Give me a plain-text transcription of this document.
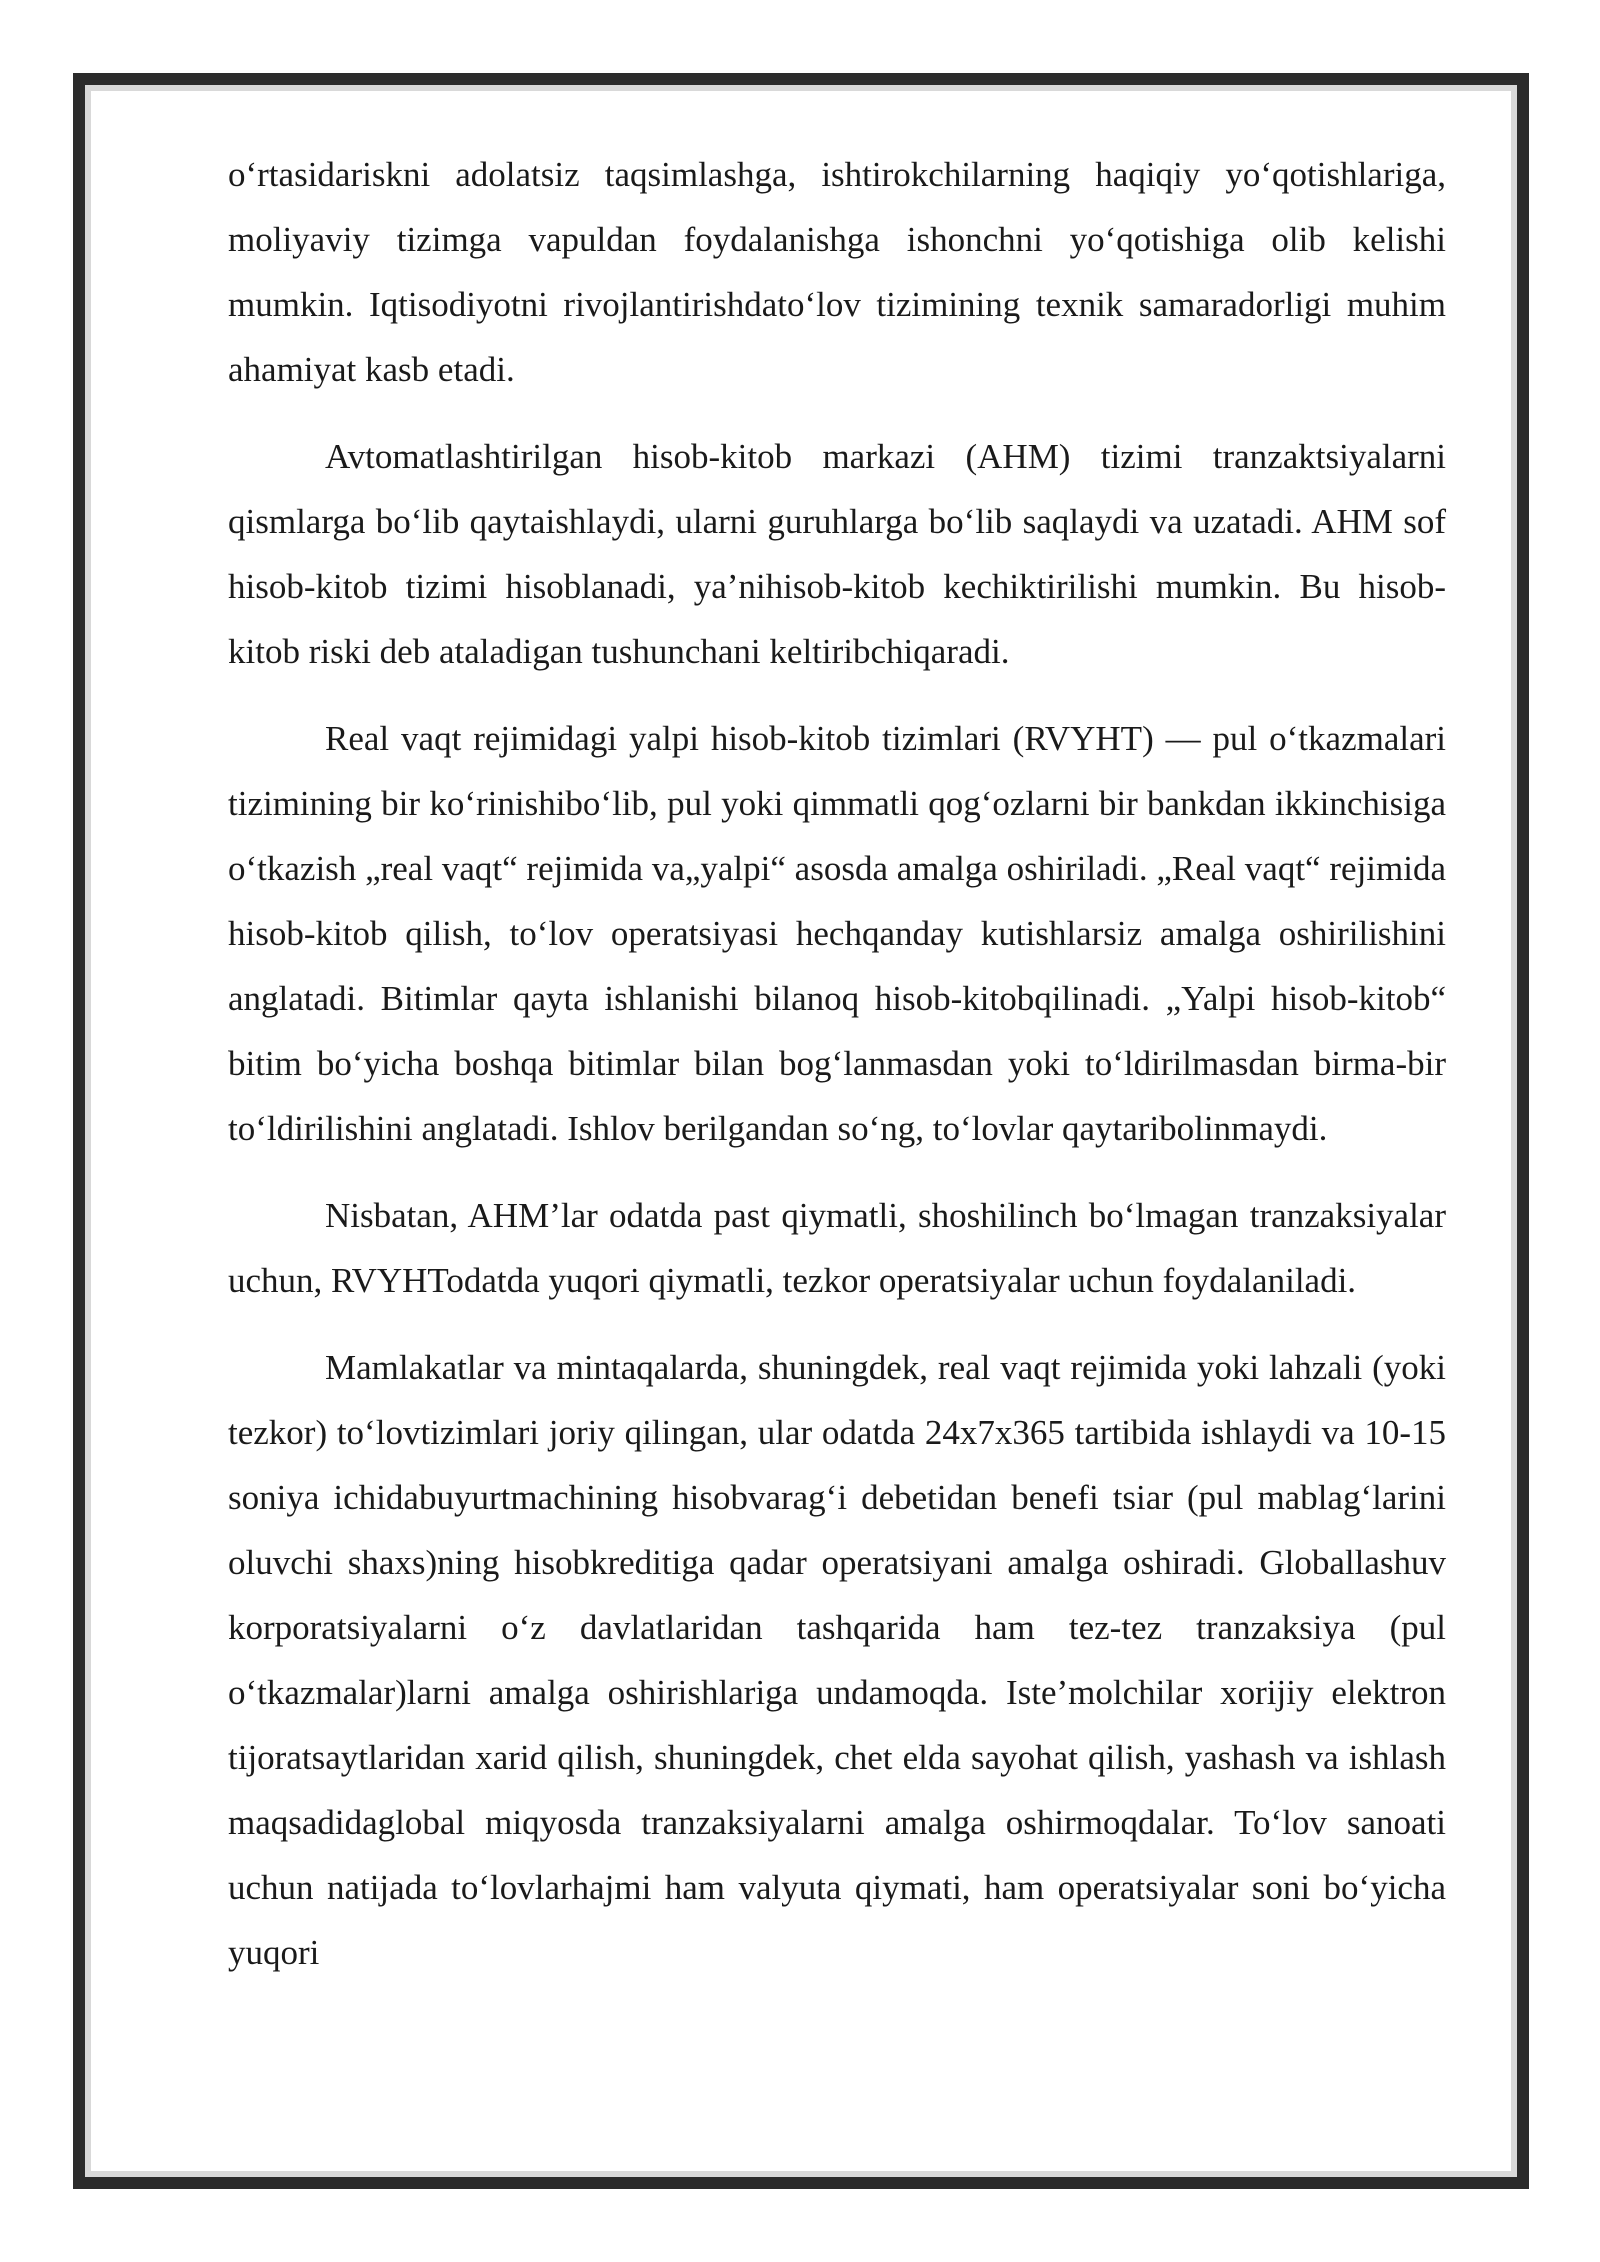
o‘rtasidariskni adolatsiz taqsimlashga, ishtirokchilarning haqiqiy yo‘qotishlariga, moliyaviy tizimga vapuldan foydalanishga ishonchni yo‘qotishiga olib kelishi mumkin. Iqtisodiyotni rivojlantirishdato‘lov tizimining texnik samaradorligi muhim ahamiyat kasb etadi.

Avtomatlashtirilgan hisob-kitob markazi (AHM) tizimi tranzaktsiyalarni qismlarga bo‘lib qaytaishlaydi, ularni guruhlarga bo‘lib saqlaydi va uzatadi. AHM sof hisob-kitob tizimi hisoblanadi, ya’nihisob-kitob kechiktirilishi mumkin. Bu hisob-kitob riski deb ataladigan tushunchani keltiribchiqaradi.

Real vaqt rejimidagi yalpi hisob-kitob tizimlari (RVYHT) — pul o‘tkazmalari tizimining bir ko‘rinishibo‘lib, pul yoki qimmatli qog‘ozlarni bir bankdan ikkinchisiga o‘tkazish „real vaqt“ rejimida va„yalpi“ asosda amalga oshiriladi. „Real vaqt“ rejimida hisob-kitob qilish, to‘lov operatsiyasi hechqanday kutishlarsiz amalga oshirilishini anglatadi. Bitimlar qayta ishlanishi bilanoq hisob-kitobqilinadi. „Yalpi hisob-kitob“ bitim bo‘yicha boshqa bitimlar bilan bog‘lanmasdan yoki to‘ldirilmasdan birma-bir to‘ldirilishini anglatadi. Ishlov berilgandan so‘ng, to‘lovlar qaytaribolinmaydi.

Nisbatan, AHM’lar odatda past qiymatli, shoshilinch bo‘lmagan tranzaksiyalar uchun, RVYHTodatda yuqori qiymatli, tezkor operatsiyalar uchun foydalaniladi.

Mamlakatlar va mintaqalarda, shuningdek, real vaqt rejimida yoki lahzali (yoki tezkor) to‘lovtizimlari joriy qilingan, ular odatda 24x7x365 tartibida ishlaydi va 10-15 soniya ichidabuyurtmachining hisobvarag‘i debetidan benefi tsiar (pul mablag‘larini oluvchi shaxs)ning hisobkreditiga qadar operatsiyani amalga oshiradi. Globallashuv korporatsiyalarni o‘z davlatlaridan tashqarida ham tez-tez tranzaksiya (pul o‘tkazmalar)larni amalga oshirishlariga undamoqda. Iste’molchilar xorijiy elektron tijoratsaytlaridan xarid qilish, shuningdek, chet elda sayohat qilish, yashash va ishlash maqsadidaglobal miqyosda tranzaksiyalarni amalga oshirmoqdalar. To‘lov sanoati uchun natijada to‘lovlarhajmi ham valyuta qiymati, ham operatsiyalar soni bo‘yicha yuqori
